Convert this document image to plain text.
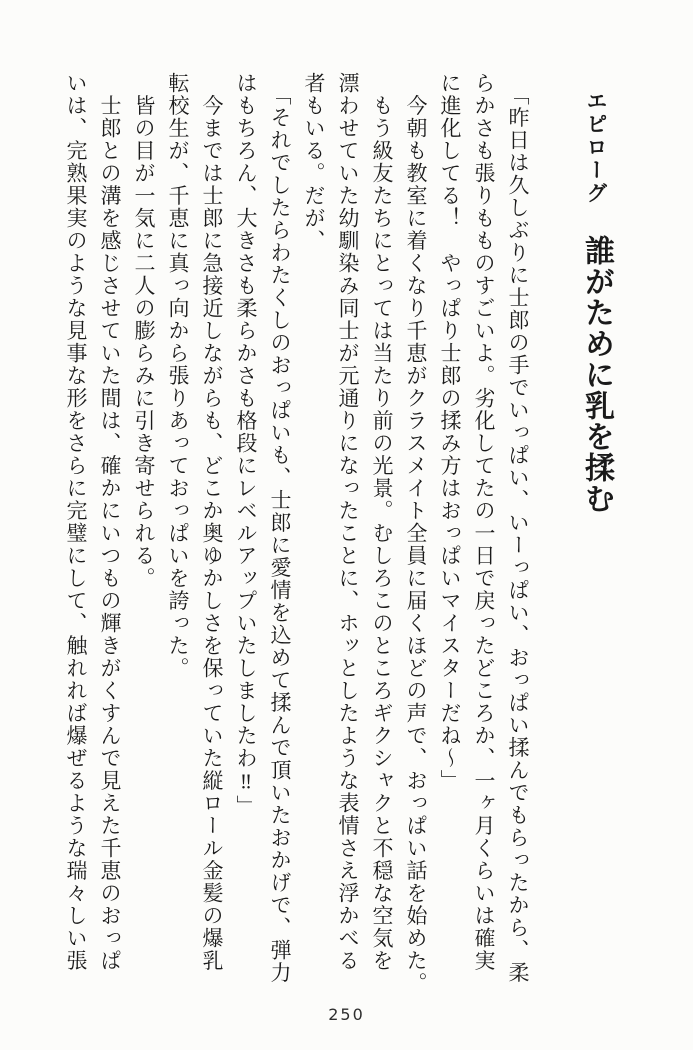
エピローグ 誰がために乳を揉む
「昨日は久しぶりに士郎の手でいっぱい、いーっぱい、おっぱい揉んでもらったから、柔
らかさも張りもものすごいよ。劣化してたの一日で戻ったどころか、一ヶ月くらいは確実
に進化してる！　やっぱり士郎の揉み方はおっぱいマイスターだね〜」
　今朝も教室に着くなり千恵がクラスメイト全員に届くほどの声で、おっぱい話を始めた。
　もう級友たちにとっては当たり前の光景。むしろこのところギクシャクと不穏な空気を
漂わせていた幼馴染み同士が元通りになったことに、ホッとしたような表情さえ浮かべる
者もいる。だが、
「それでしたらわたくしのおっぱいも、士郎に愛情を込めて揉んで頂いたおかげで、弾力
はもちろん、大きさも柔らかさも格段にレベルアップいたしましたわ‼」
　今までは士郎に急接近しながらも、どこか奥ゆかしさを保っていた縦ロール金髪の爆乳
転校生が、千恵に真っ向から張りあっておっぱいを誇った。
　皆の目が一気に二人の膨らみに引き寄せられる。
　士郎との溝を感じさせていた間は、確かにいつもの輝きがくすんで見えた千恵のおっぱ
いは、完熟果実のような見事な形をさらに完璧にして、触れれば爆ぜるような瑞々しい張
250
